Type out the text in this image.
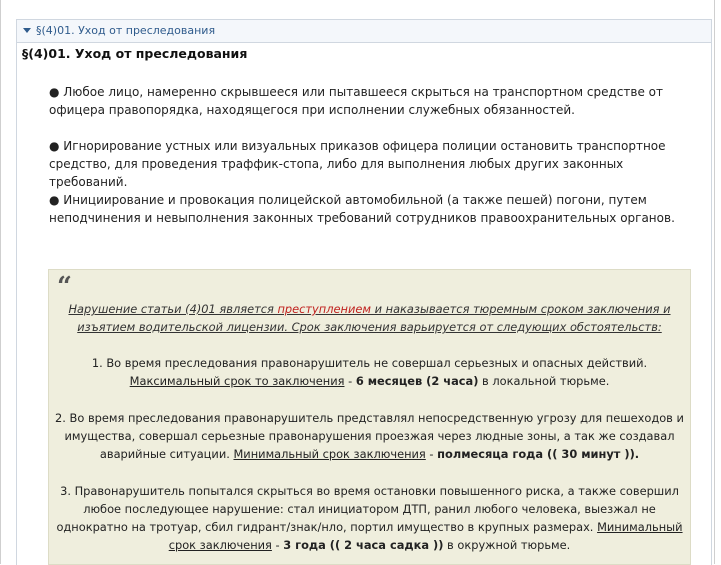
§(4)01. Уход от преследования
§(4)01. Уход от преследования
● Любое лицо, намеренно скрывшееся или пытавшееся скрыться на транспортном средстве от офицера правопорядка, находящегося при исполнении служебных обязанностей.
● Игнорирование устных или визуальных приказов офицера полиции остановить транспортное средство, для проведения траффик-стопа, либо для выполнения любых других законных требований.
● Инициирование и провокация полицейской автомобильной (а также пешей) погони, путем неподчинения и невыполнения законных требований сотрудников правоохранительных органов.
“
Нарушение статьи (4)01 является преступлением и наказывается тюремным сроком заключения и изъятием водительской лицензии. Срок заключения варьируется от следующих обстоятельств:
1. Во время преследования правонарушитель не совершал серьезных и опасных действий. Максимальный срок то заключения - 6 месяцев (2 часа) в локальной тюрьме.
2. Во время преследования правонарушитель представлял непосредственную угрозу для пешеходов и имущества, совершал серьезные правонарушения проезжая через людные зоны, а так же создавал аварийные ситуации. Минимальный срок заключения - полмесяца года (( 30 минут )).
3. Правонарушитель попытался скрыться во время остановки повышенного риска, а также совершил любое последующее нарушение: стал инициатором ДТП, ранил любого человека, выезжал не однократно на тротуар, сбил гидрант/знак/нло, портил имущество в крупных размерах. Минимальный срок заключения - 3 года (( 2 часа садка )) в окружной тюрьме.
